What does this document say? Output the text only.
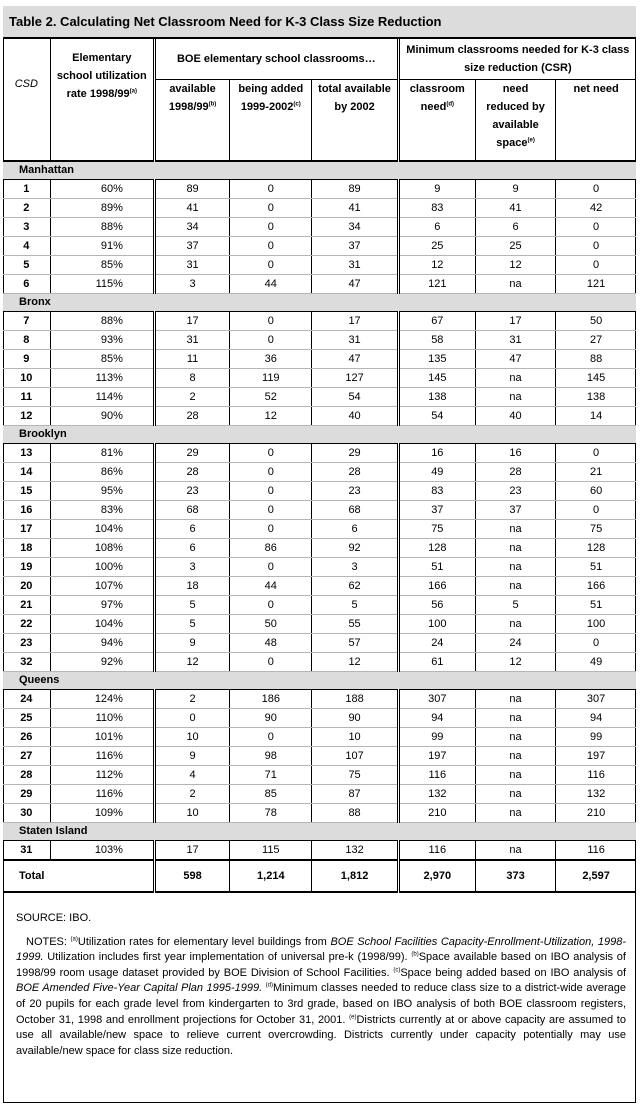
Table 2. Calculating Net Classroom Need for K-3 Class Size Reduction
CSD	Elementary school utilization rate 1998/99$^{(a)}$	BOE elementary school classrooms…			Minimum classrooms needed for K-3 class size reduction (CSR)		
		available 1998/99$^{(b)}$	being added 1999-2002$^{(c)}$	total available by 2002	classroom need$^{(d)}$	need reduced by available space$^{(e)}$	net need
Manhattan							
1	60%	89	0	89	9	9	0
2	89%	41	0	41	83	41	42
3	88%	34	0	34	6	6	0
4	91%	37	0	37	25	25	0
5	85%	31	0	31	12	12	0
6	115%	3	44	47	121	na	121
Bronx							
7	88%	17	0	17	67	17	50
8	93%	31	0	31	58	31	27
9	85%	11	36	47	135	47	88
10	113%	8	119	127	145	na	145
11	114%	2	52	54	138	na	138
12	90%	28	12	40	54	40	14
Brooklyn							
13	81%	29	0	29	16	16	0
14	86%	28	0	28	49	28	21
15	95%	23	0	23	83	23	60
16	83%	68	0	68	37	37	0
17	104%	6	0	6	75	na	75
18	108%	6	86	92	128	na	128
19	100%	3	0	3	51	na	51
20	107%	18	44	62	166	na	166
21	97%	5	0	5	56	5	51
22	104%	5	50	55	100	na	100
23	94%	9	48	57	24	24	0
32	92%	12	0	12	61	12	49
Queens							
24	124%	2	186	188	307	na	307
25	110%	0	90	90	94	na	94
26	101%	10	0	10	99	na	99
27	116%	9	98	107	197	na	197
28	112%	4	71	75	116	na	116
29	116%	2	85	87	132	na	132
30	109%	10	78	88	210	na	210
Staten Island							
31	103%	17	115	132	116	na	116
Total		598	1,214	1,812	2,970	373	2,597
SOURCE: IBO.
NOTES: $^{(a)}$Utilization rates for elementary level buildings from BOE School Facilities Capacity-Enrollment-Utilization, 1998-1999. Utilization includes first year implementation of universal pre-k (1998/99). $^{(b)}$Space available based on IBO analysis of 1998/99 room usage dataset provided by BOE Division of School Facilities. $^{(c)}$Space being added based on IBO analysis of BOE Amended Five-Year Capital Plan 1995-1999. $^{(d)}$Minimum classes needed to reduce class size to a district-wide average of 20 pupils for each grade level from kindergarten to 3rd grade, based on IBO analysis of both BOE classroom registers, October 31, 1998 and enrollment projections for October 31, 2001. $^{(e)}$Districts currently at or above capacity are assumed to use all available/new space to relieve current overcrowding. Districts currently under capacity potentially may use available/new space for class size reduction.
